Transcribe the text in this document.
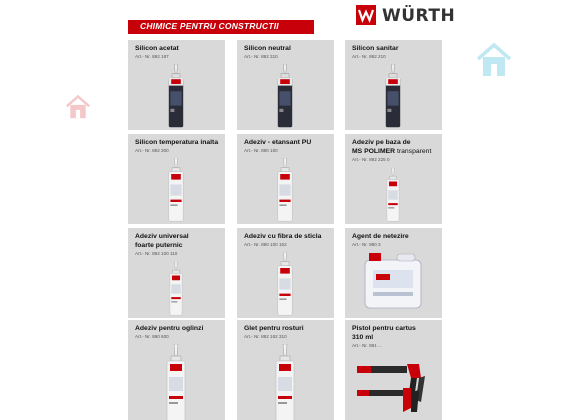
CHIMICE PENTRU CONSTRUCTII	WÜRTH
Silicon acetat
Art.- Nr. 892 187
Silicon neutral
Art.- Nr. 892 310
Silicon sanitar
Art.- Nr. 892 210
Silicon temperatura inalta
Art.- Nr. 892 300
Adeziv - etansant PU
Art.- Nr. 890 100
Adeziv pe baza de
MS POLIMER transparent
Art.- Nr. 892 225 0
Adeziv universal
foarte puternic
Art.- Nr. 892 100 110
Adeziv cu fibra de sticla
Art.- Nr. 890 100 152
Agent de netezire
Art.- Nr. 890 3
Adeziv pentru oglinzi
Art.- Nr. 890 600
Glet pentru rosturi
Art.- Nr. 892 162 310
Pistol pentru cartus
310 ml
Art.- Nr. 891 ...
